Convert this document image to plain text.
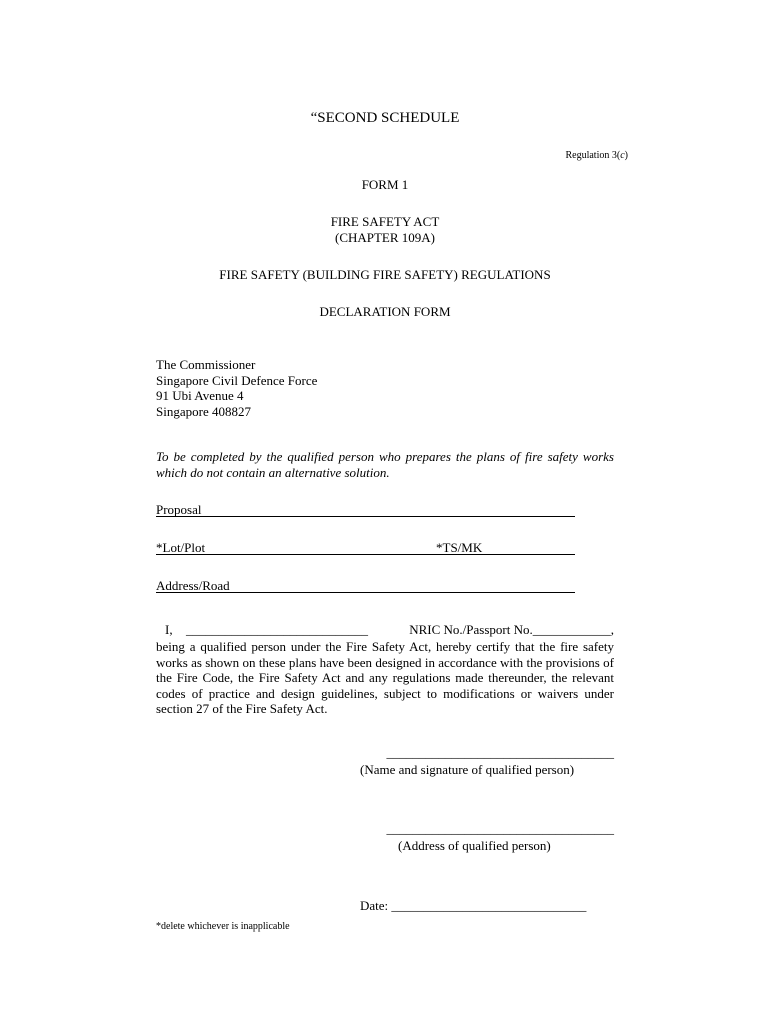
“SECOND SCHEDULE
Regulation 3(c)
FORM 1
FIRE SAFETY ACT
(CHAPTER 109A)
FIRE SAFETY (BUILDING FIRE SAFETY) REGULATIONS
DECLARATION FORM
The Commissioner
Singapore Civil Defence Force
91 Ubi Avenue 4
Singapore 408827
To be completed by the qualified person who prepares the plans of fire safety works which do not contain an alternative solution.
Proposal
*Lot/Plot	*TS/MK
Address/Road
I, ____________________________	NRIC No./Passport No.____________,
being a qualified person under the Fire Safety Act, hereby certify that the fire safety works as shown on these plans have been designed in accordance with the provisions of the Fire Code, the Fire Safety Act and any regulations made thereunder, the relevant codes of practice and design guidelines, subject to modifications or waivers under section 27 of the Fire Safety Act.
___________________________________
(Name and signature of qualified person)
___________________________________
(Address of qualified person)
Date: ______________________________
*delete whichever is inapplicable
